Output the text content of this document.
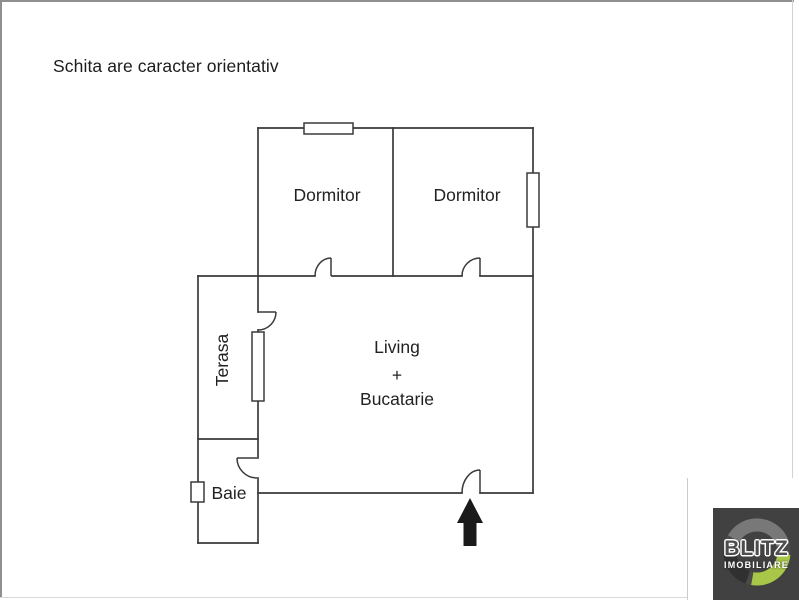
Schita are caracter orientativ
Dormitor	Dormitor
Living
+
Bucatarie
Terasa
Baie
BLITZ
IMOBILIARE
